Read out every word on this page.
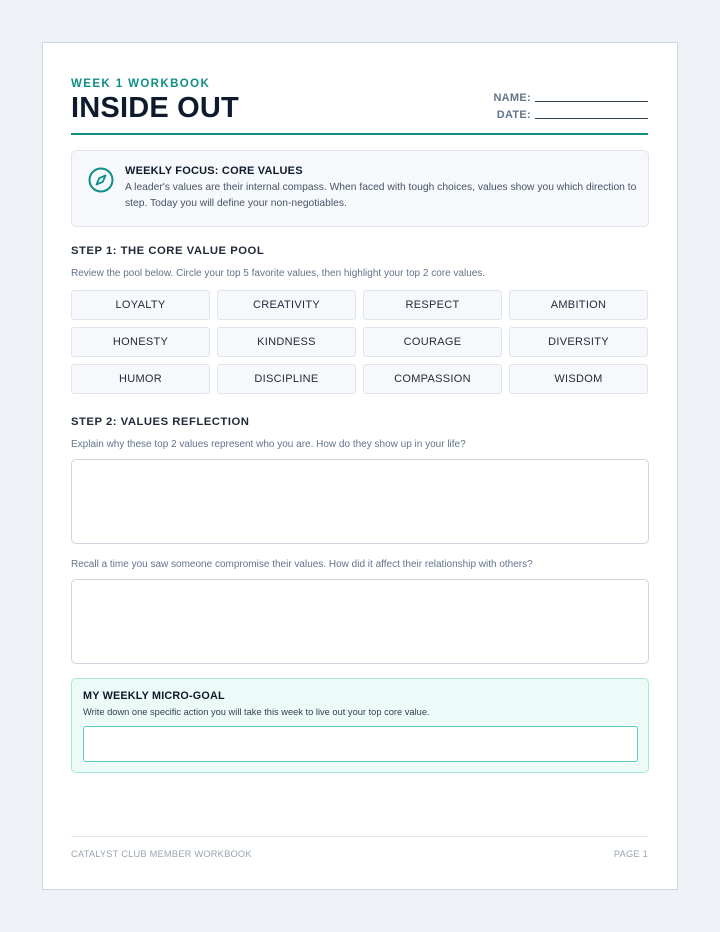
WEEK 1 WORKBOOK
INSIDE OUT	NAME:
DATE:
WEEKLY FOCUS: CORE VALUES
A leader's values are their internal compass. When faced with tough choices, values show you which direction to step. Today you will define your non-negotiables.
STEP 1: THE CORE VALUE POOL
Review the pool below. Circle your top 5 favorite values, then highlight your top 2 core values.
LOYALTY	CREATIVITY	RESPECT	AMBITION
HONESTY	KINDNESS	COURAGE	DIVERSITY
HUMOR	DISCIPLINE	COMPASSION	WISDOM
STEP 2: VALUES REFLECTION
Explain why these top 2 values represent who you are. How do they show up in your life?
Recall a time you saw someone compromise their values. How did it affect their relationship with others?
MY WEEKLY MICRO-GOAL
Write down one specific action you will take this week to live out your top core value.
CATALYST CLUB MEMBER WORKBOOK	PAGE 1
